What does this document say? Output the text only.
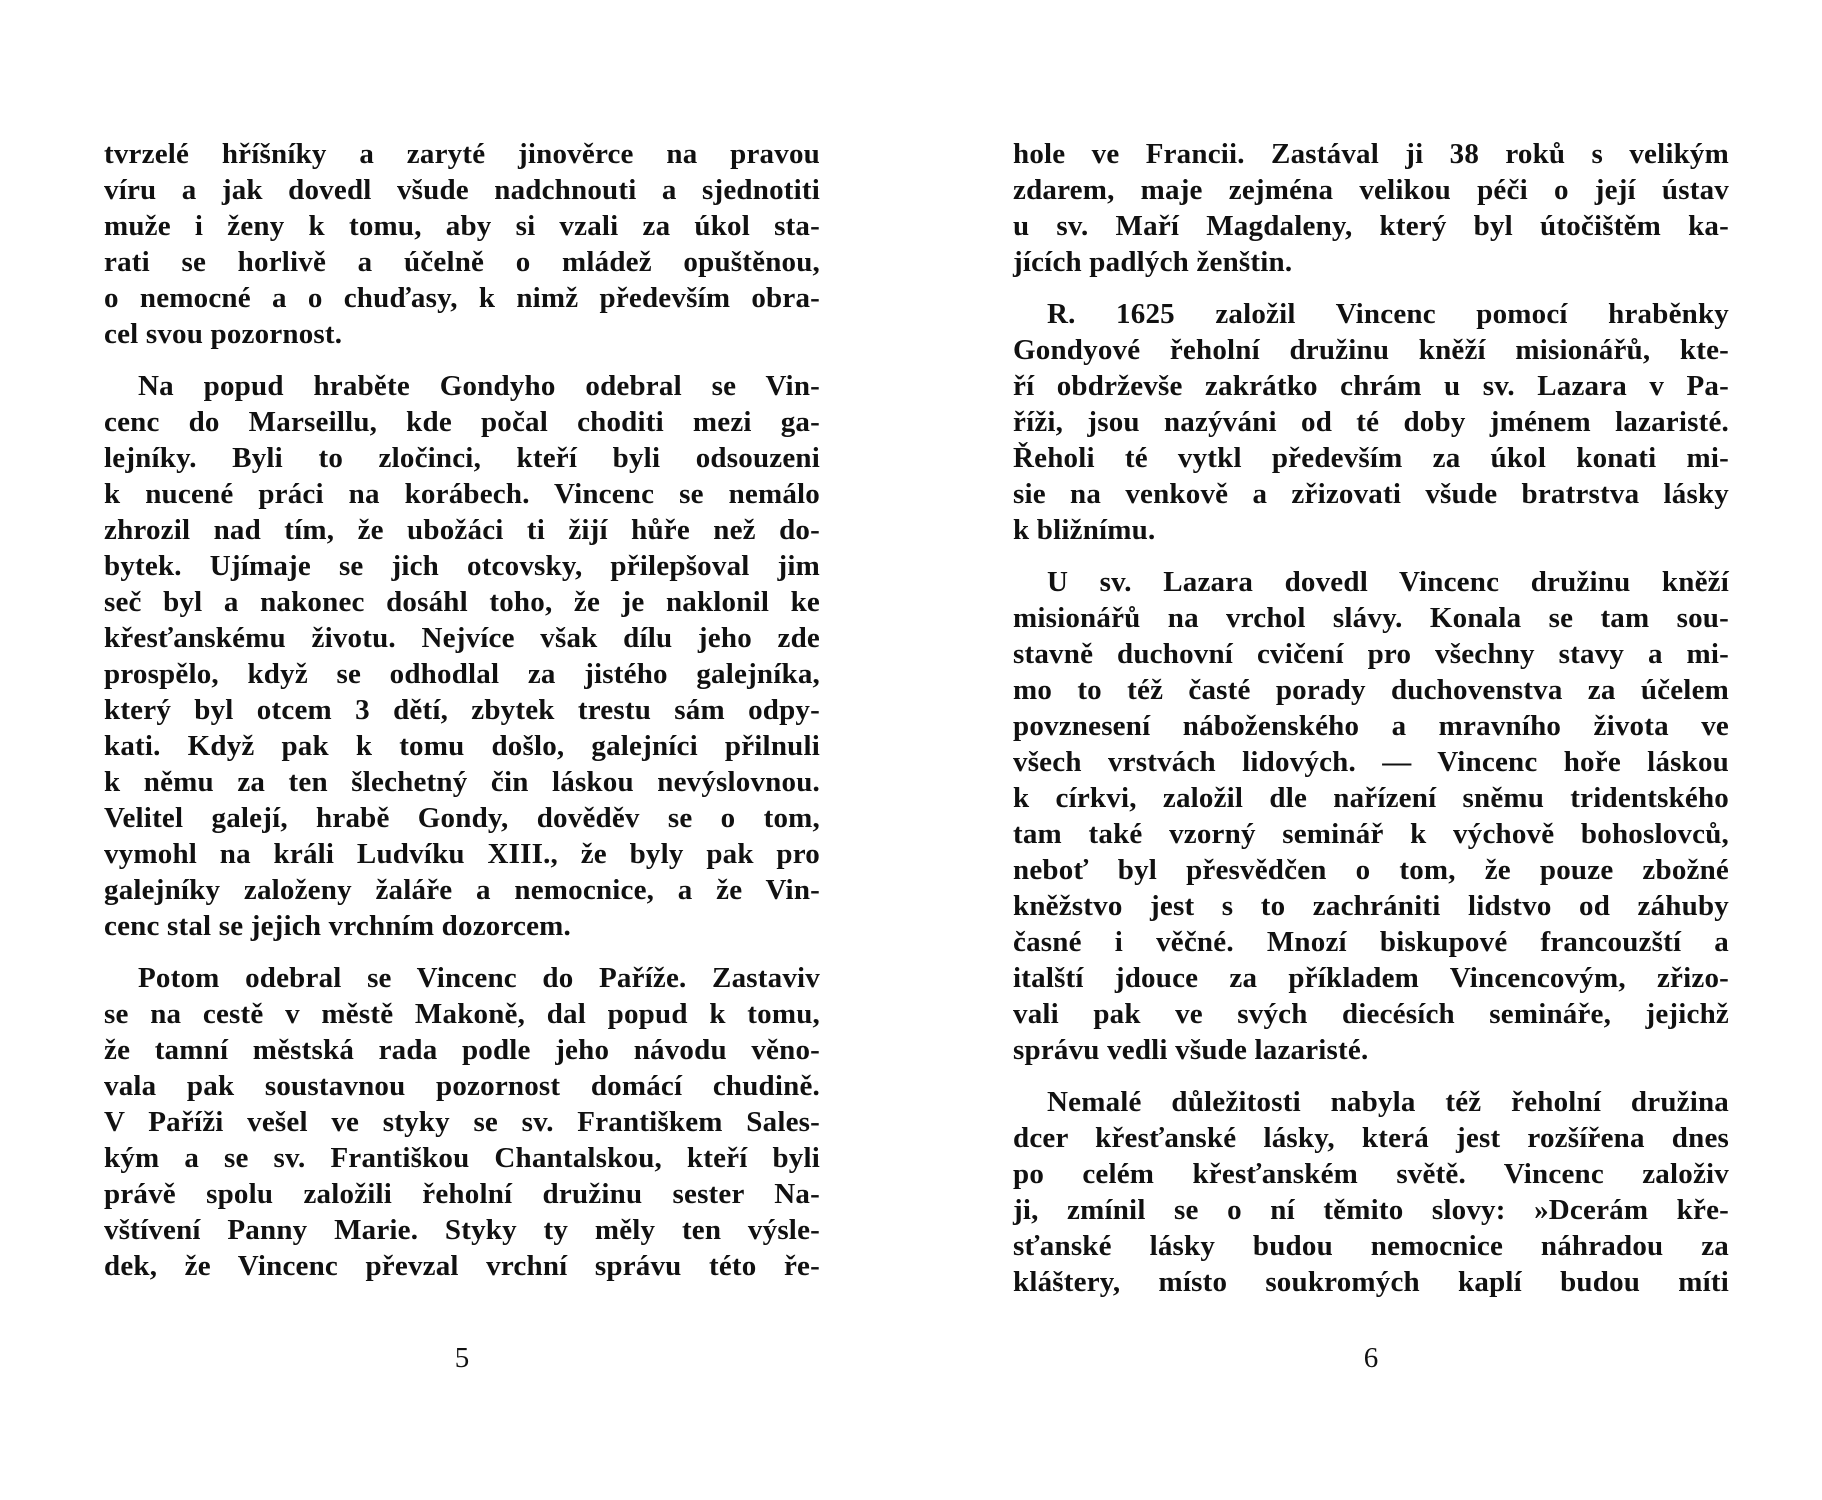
tvrzelé hříšníky a zaryté jinověrce na pravou
víru a jak dovedl všude nadchnouti a sjednotiti
muže i ženy k tomu, aby si vzali za úkol sta-
rati se horlivě a účelně o mládež opuštěnou,
o nemocné a o chuďasy, k nimž především obra-
cel svou pozornost.
Na popud hraběte Gondyho odebral se Vin-
cenc do Marseillu, kde počal choditi mezi ga-
lejníky. Byli to zločinci, kteří byli odsouzeni
k nucené práci na korábech. Vincenc se nemálo
zhrozil nad tím, že ubožáci ti žijí hůře než do-
bytek. Ujímaje se jich otcovsky, přilepšoval jim
seč byl a nakonec dosáhl toho, že je naklonil ke
křesťanskému životu. Nejvíce však dílu jeho zde
prospělo, když se odhodlal za jistého galejníka,
který byl otcem 3 dětí, zbytek trestu sám odpy-
kati. Když pak k tomu došlo, galejníci přilnuli
k němu za ten šlechetný čin láskou nevýslovnou.
Velitel galejí, hrabě Gondy, dověděv se o tom,
vymohl na králi Ludvíku XIII., že byly pak pro
galejníky založeny žaláře a nemocnice, a že Vin-
cenc stal se jejich vrchním dozorcem.
Potom odebral se Vincenc do Paříže. Zastaviv
se na cestě v městě Makoně, dal popud k tomu,
že tamní městská rada podle jeho návodu věno-
vala pak soustavnou pozornost domácí chudině.
V Paříži vešel ve styky se sv. Františkem Sales-
kým a se sv. Františkou Chantalskou, kteří byli
právě spolu založili řeholní družinu sester Na-
vštívení Panny Marie. Styky ty měly ten výsle-
dek, že Vincenc převzal vrchní správu této ře-
5
hole ve Francii. Zastával ji 38 roků s velikým
zdarem, maje zejména velikou péči o její ústav
u sv. Maří Magdaleny, který byl útočištěm ka-
jících padlých ženštin.
R. 1625 založil Vincenc pomocí hraběnky
Gondyové řeholní družinu kněží misionářů, kte-
ří obdrževše zakrátko chrám u sv. Lazara v Pa-
říži, jsou nazýváni od té doby jménem lazaristé.
Řeholi té vytkl především za úkol konati mi-
sie na venkově a zřizovati všude bratrstva lásky
k bližnímu.
U sv. Lazara dovedl Vincenc družinu kněží
misionářů na vrchol slávy. Konala se tam sou-
stavně duchovní cvičení pro všechny stavy a mi-
mo to též časté porady duchovenstva za účelem
povznesení náboženského a mravního života ve
všech vrstvách lidových. — Vincenc hoře láskou
k církvi, založil dle nařízení sněmu tridentského
tam také vzorný seminář k výchově bohoslovců,
neboť byl přesvědčen o tom, že pouze zbožné
kněžstvo jest s to zachrániti lidstvo od záhuby
časné i věčné. Mnozí biskupové francouzští a
italští jdouce za příkladem Vincencovým, zřizo-
vali pak ve svých diecésích semináře, jejichž
správu vedli všude lazaristé.
Nemalé důležitosti nabyla též řeholní družina
dcer křesťanské lásky, která jest rozšířena dnes
po celém křesťanském světě. Vincenc založiv
ji, zmínil se o ní těmito slovy: »Dcerám kře-
sťanské lásky budou nemocnice náhradou za
kláštery, místo soukromých kaplí budou míti
6
